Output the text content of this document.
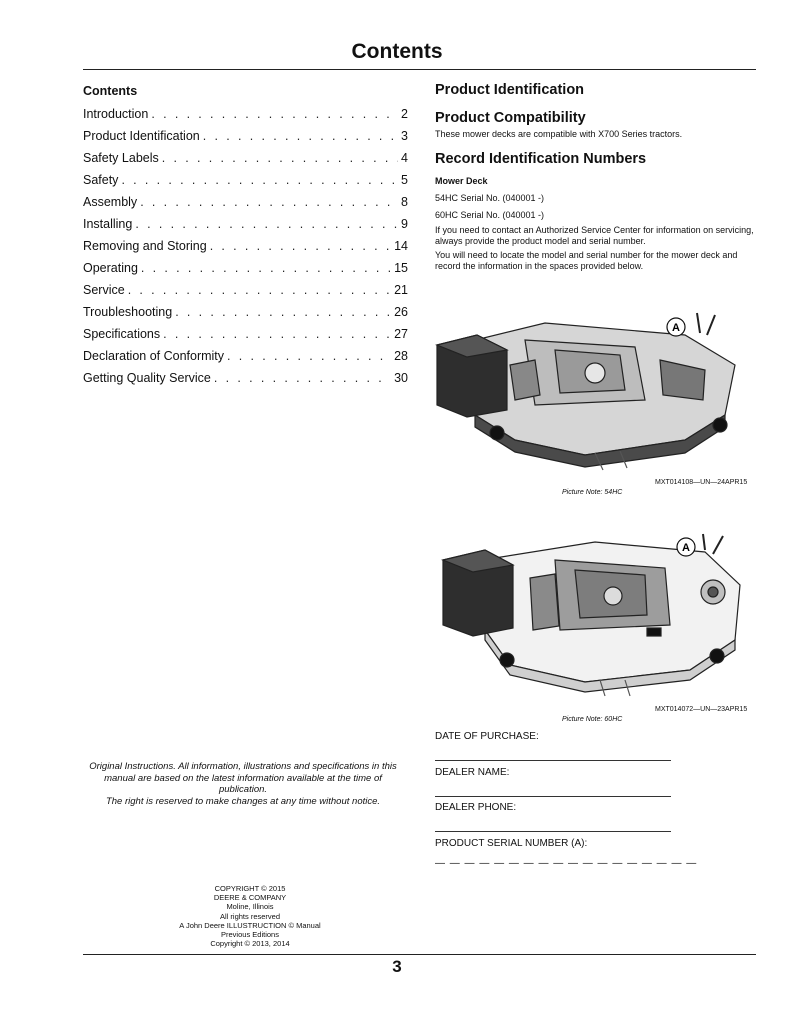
Contents
Contents
Introduction . . .	2
Product Identification . . .	3
Safety Labels . . .	4
Safety . . .	5
Assembly . . .	8
Installing . . .	9
Removing and Storing . . .	14
Operating . . .	15
Service . . .	21
Troubleshooting . . .	26
Specifications . . .	27
Declaration of Conformity . . .	28
Getting Quality Service . . .	30
Original Instructions. All information, illustrations and specifications in this manual are based on the latest information available at the time of publication.
The right is reserved to make changes at any time without notice.
COPYRIGHT © 2015
DEERE & COMPANY
Moline, Illinois
All rights reserved
A John Deere ILLUSTRUCTION © Manual
Previous Editions
Copyright © 2013, 2014
Product Identification
Product Compatibility
These mower decks are compatible with X700 Series tractors.
Record Identification Numbers
Mower Deck
54HC Serial No. (040001 -)
60HC Serial No. (040001 -)
If you need to contact an Authorized Service Center for information on servicing, always provide the product model and serial number.
You will need to locate the model and serial number for the mower deck and record the information in the spaces provided below.
A
MXT014108—UN—24APR15
Picture Note: 54HC
A
MXT014072—UN—23APR15
Picture Note: 60HC
DATE OF PURCHASE:
DEALER NAME:
DEALER PHONE:
PRODUCT SERIAL NUMBER (A):
— — — — — — — — — — — — — — — — — —
3
